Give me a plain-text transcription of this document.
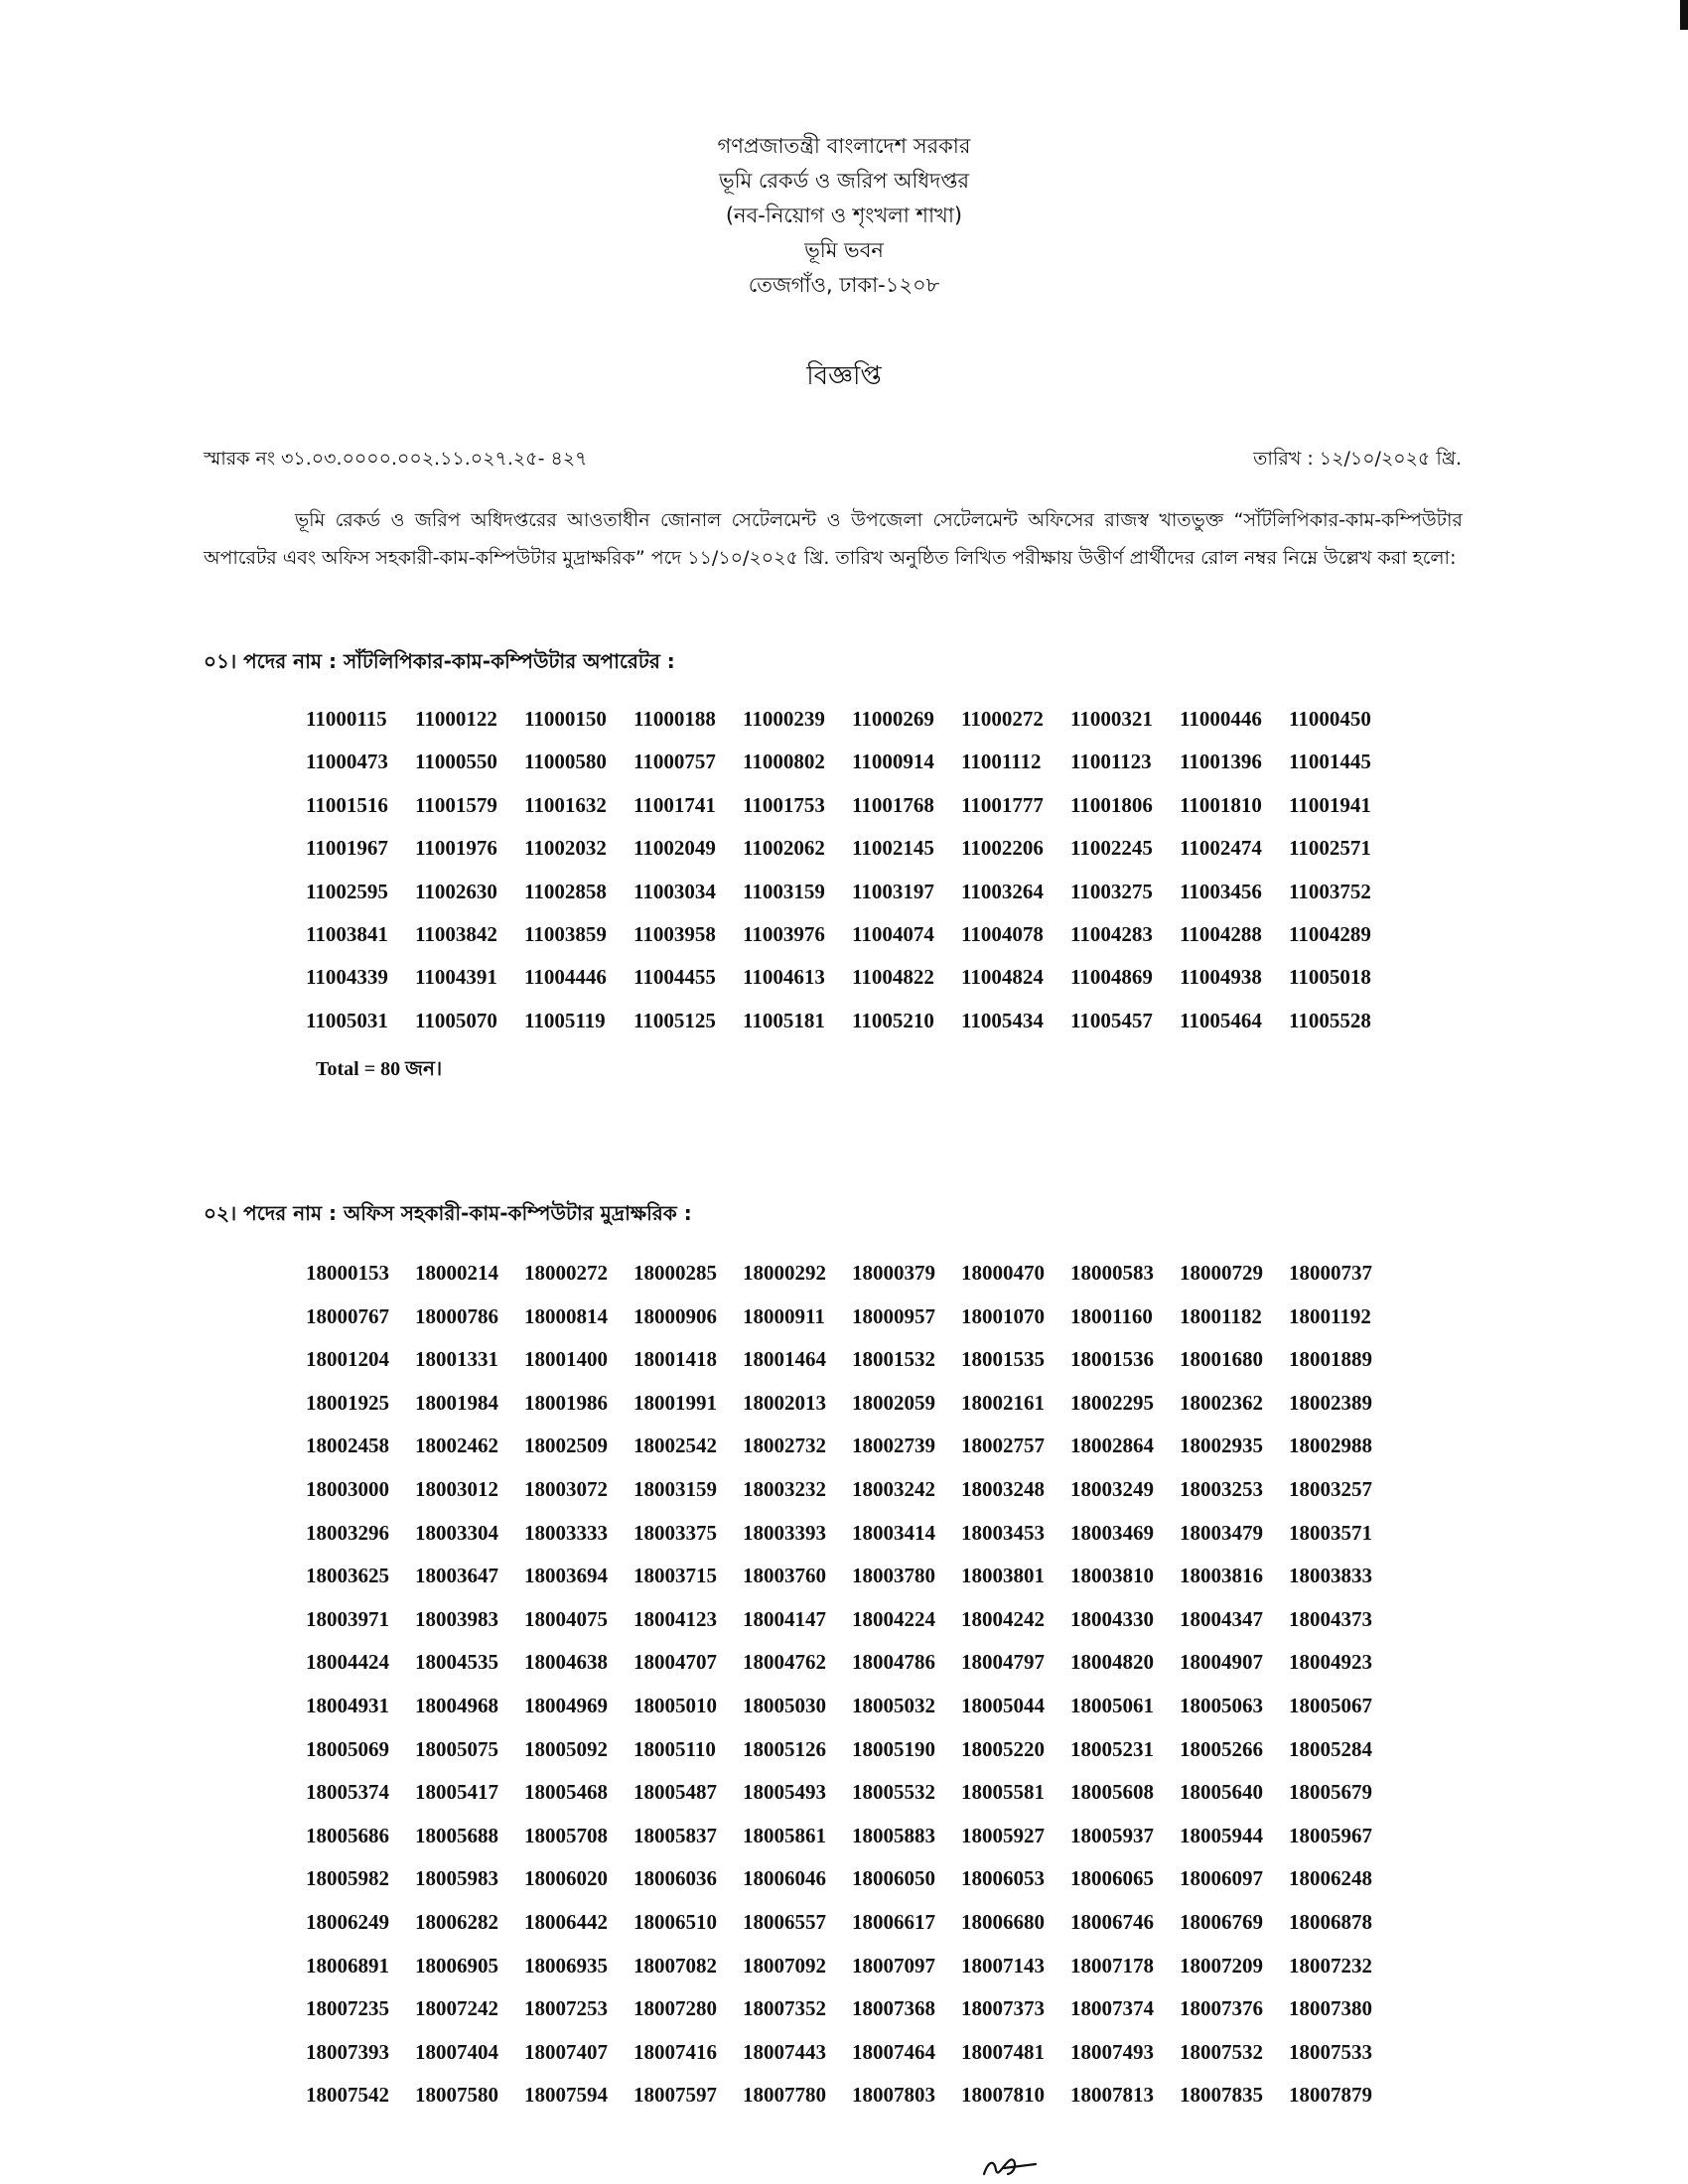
গণপ্রজাতন্ত্রী বাংলাদেশ সরকার
ভূমি রেকর্ড ও জরিপ অধিদপ্তর
(নব-নিয়োগ ও শৃংখলা শাখা)
ভূমি ভবন
তেজগাঁও, ঢাকা-১২০৮
বিজ্ঞপ্তি
স্মারক নং ৩১.০৩.০০০০.০০২.১১.০২৭.২৫- ৪২৭	তারিখ : ১২/১০/২০২৫ খ্রি.
ভূমি রেকর্ড ও জরিপ অধিদপ্তরের আওতাধীন জোনাল সেটেলমেন্ট ও উপজেলা সেটেলমেন্ট অফিসের রাজস্ব খাতভুক্ত “সাঁটলিপিকার-কাম-কম্পিউটার অপারেটর এবং অফিস সহকারী-কাম-কম্পিউটার মুদ্রাক্ষরিক” পদে ১১/১০/২০২৫ খ্রি. তারিখ অনুষ্ঠিত লিখিত পরীক্ষায় উত্তীর্ণ প্রার্থীদের রোল নম্বর নিম্নে উল্লেখ করা হলো:
০১। পদের নাম : সাঁটলিপিকার-কাম-কম্পিউটার অপারেটর :
11000115	11000122	11000150	11000188	11000239	11000269	11000272	11000321	11000446	11000450
11000473	11000550	11000580	11000757	11000802	11000914	11001112	11001123	11001396	11001445
11001516	11001579	11001632	11001741	11001753	11001768	11001777	11001806	11001810	11001941
11001967	11001976	11002032	11002049	11002062	11002145	11002206	11002245	11002474	11002571
11002595	11002630	11002858	11003034	11003159	11003197	11003264	11003275	11003456	11003752
11003841	11003842	11003859	11003958	11003976	11004074	11004078	11004283	11004288	11004289
11004339	11004391	11004446	11004455	11004613	11004822	11004824	11004869	11004938	11005018
11005031	11005070	11005119	11005125	11005181	11005210	11005434	11005457	11005464	11005528
Total = 80 জন।
০২। পদের নাম : অফিস সহকারী-কাম-কম্পিউটার মুদ্রাক্ষরিক :
18000153	18000214	18000272	18000285	18000292	18000379	18000470	18000583	18000729	18000737
18000767	18000786	18000814	18000906	18000911	18000957	18001070	18001160	18001182	18001192
18001204	18001331	18001400	18001418	18001464	18001532	18001535	18001536	18001680	18001889
18001925	18001984	18001986	18001991	18002013	18002059	18002161	18002295	18002362	18002389
18002458	18002462	18002509	18002542	18002732	18002739	18002757	18002864	18002935	18002988
18003000	18003012	18003072	18003159	18003232	18003242	18003248	18003249	18003253	18003257
18003296	18003304	18003333	18003375	18003393	18003414	18003453	18003469	18003479	18003571
18003625	18003647	18003694	18003715	18003760	18003780	18003801	18003810	18003816	18003833
18003971	18003983	18004075	18004123	18004147	18004224	18004242	18004330	18004347	18004373
18004424	18004535	18004638	18004707	18004762	18004786	18004797	18004820	18004907	18004923
18004931	18004968	18004969	18005010	18005030	18005032	18005044	18005061	18005063	18005067
18005069	18005075	18005092	18005110	18005126	18005190	18005220	18005231	18005266	18005284
18005374	18005417	18005468	18005487	18005493	18005532	18005581	18005608	18005640	18005679
18005686	18005688	18005708	18005837	18005861	18005883	18005927	18005937	18005944	18005967
18005982	18005983	18006020	18006036	18006046	18006050	18006053	18006065	18006097	18006248
18006249	18006282	18006442	18006510	18006557	18006617	18006680	18006746	18006769	18006878
18006891	18006905	18006935	18007082	18007092	18007097	18007143	18007178	18007209	18007232
18007235	18007242	18007253	18007280	18007352	18007368	18007373	18007374	18007376	18007380
18007393	18007404	18007407	18007416	18007443	18007464	18007481	18007493	18007532	18007533
18007542	18007580	18007594	18007597	18007780	18007803	18007810	18007813	18007835	18007879
